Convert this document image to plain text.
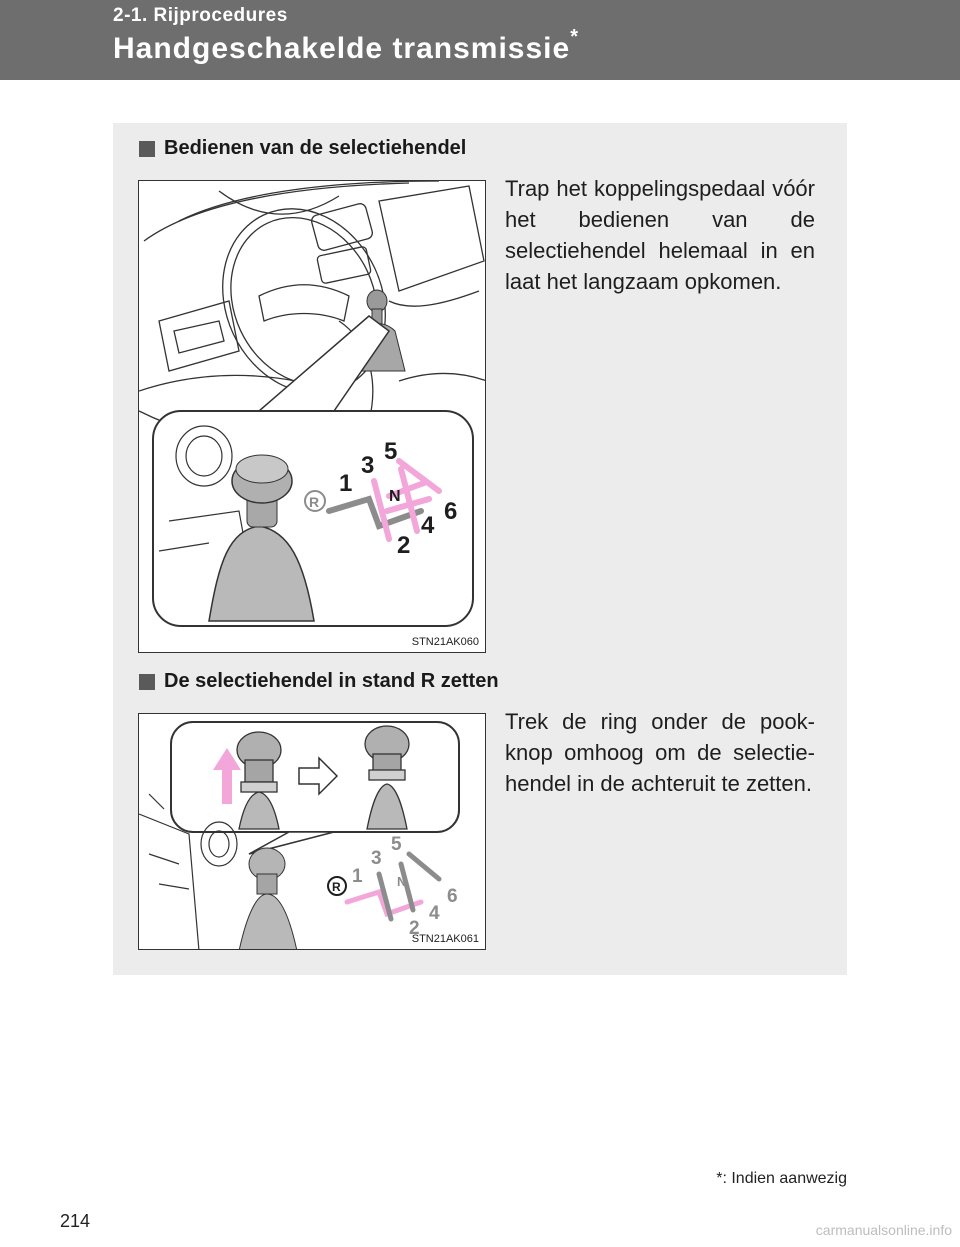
2-1. Rijprocedures
Handgeschakelde transmissie*
Bedienen van de selectiehendel
1
3
5
N
2
4
6
R
STN21AK060
Trap het koppelingspedaal vóór het bedienen van de selectiehendel helemaal in en laat het langzaam opkomen.
De selectiehendel in stand R zetten
1
3
5
N
2
4
6
R
STN21AK061
Trek de ring onder de pook-knop omhoog om de selectie-hendel in de achteruit te zetten.
*: Indien aanwezig
214	carmanualsonline.info
